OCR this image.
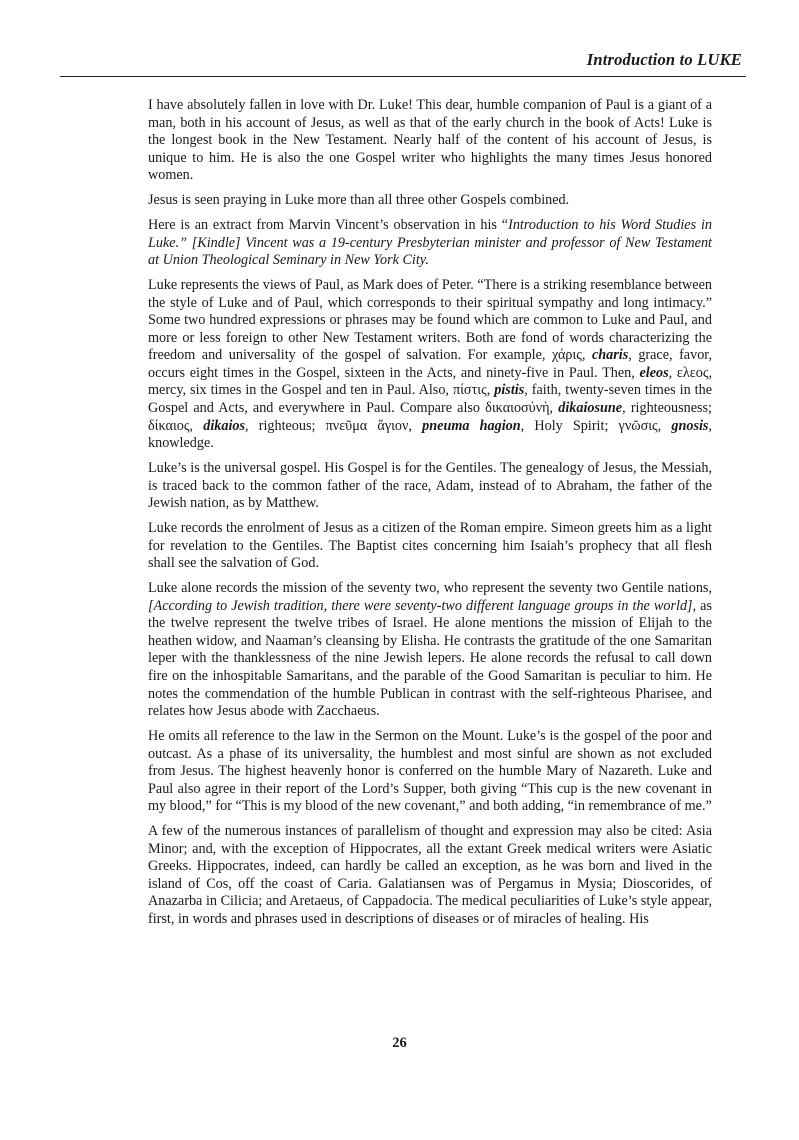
Introduction to LUKE

I have absolutely fallen in love with Dr. Luke! This dear, humble companion of Paul is a giant of a man, both in his account of Jesus, as well as that of the early church in the book of Acts! Luke is the longest book in the New Testament. Nearly half of the content of his account of Jesus, is unique to him. He is also the one Gospel writer who highlights the many times Jesus honored women.

Jesus is seen praying in Luke more than all three other Gospels combined.

Here is an extract from Marvin Vincent’s observation in his “Introduction to his Word Studies in Luke.” [Kindle] Vincent was a 19-century Presbyterian minister and professor of New Testament at Union Theological Seminary in New York City.

Luke represents the views of Paul, as Mark does of Peter. “There is a striking resemblance between the style of Luke and of Paul, which corresponds to their spiritual sympathy and long intimacy.” Some two hundred expressions or phrases may be found which are common to Luke and Paul, and more or less foreign to other New Testament writers. Both are fond of words characterizing the freedom and universality of the gospel of salvation. For example, χάρις, charis, grace, favor, occurs eight times in the Gospel, sixteen in the Acts, and ninety-five in Paul. Then, eleos, ελεος, mercy, six times in the Gospel and ten in Paul. Also, πίστις, pistis, faith, twenty-seven times in the Gospel and Acts, and everywhere in Paul. Compare also δικαιοσύνὴ, dikaiosune, righteousness; δίκαιος, dikaios, righteous; πνεῦμα ἅγιον, pneuma hagion, Holy Spirit; γνῶσις, gnosis, knowledge.

Luke’s is the universal gospel. His Gospel is for the Gentiles. The genealogy of Jesus, the Messiah, is traced back to the common father of the race, Adam, instead of to Abraham, the father of the Jewish nation, as by Matthew.

Luke records the enrolment of Jesus as a citizen of the Roman empire. Simeon greets him as a light for revelation to the Gentiles. The Baptist cites concerning him Isaiah’s prophecy that all flesh shall see the salvation of God.

Luke alone records the mission of the seventy two, who represent the seventy two Gentile nations, [According to Jewish tradition, there were seventy-two different language groups in the world], as the twelve represent the twelve tribes of Israel. He alone mentions the mission of Elijah to the heathen widow, and Naaman’s cleansing by Elisha. He contrasts the gratitude of the one Samaritan leper with the thanklessness of the nine Jewish lepers. He alone records the refusal to call down fire on the inhospitable Samaritans, and the parable of the Good Samaritan is peculiar to him. He notes the commendation of the humble Publican in contrast with the self-righteous Pharisee, and relates how Jesus abode with Zacchaeus.

He omits all reference to the law in the Sermon on the Mount. Luke’s is the gospel of the poor and outcast. As a phase of its universality, the humblest and most sinful are shown as not excluded from Jesus. The highest heavenly honor is conferred on the humble Mary of Nazareth. Luke and Paul also agree in their report of the Lord’s Supper, both giving “This cup is the new covenant in my blood,” for “This is my blood of the new covenant,” and both adding, “in remembrance of me.”

A few of the numerous instances of parallelism of thought and expression may also be cited: Asia Minor; and, with the exception of Hippocrates, all the extant Greek medical writers were Asiatic Greeks. Hippocrates, indeed, can hardly be called an exception, as he was born and lived in the island of Cos, off the coast of Caria. Galatiansen was of Pergamus in Mysia; Dioscorides, of Anazarba in Cilicia; and Aretaeus, of Cappadocia. The medical peculiarities of Luke’s style appear, first, in words and phrases used in descriptions of diseases or of miracles of healing. His

26
